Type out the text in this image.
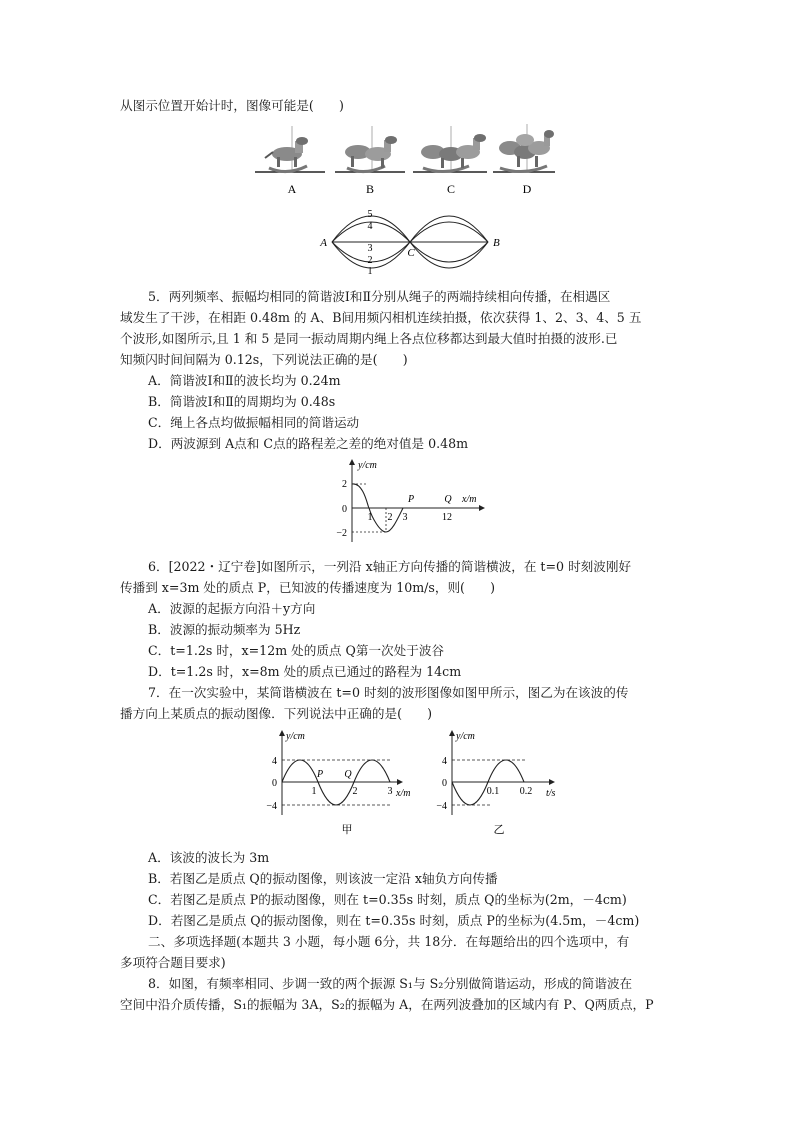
从图示位置开始计时，图像可能是(　　)
A	B	C	D
A
C
B
5
4
3
2
1
5．两列频率、振幅均相同的简谐波Ⅰ和Ⅱ分别从绳子的两端持续相向传播，在相遇区
域发生了干涉，在相距 0.48m 的 A、B间用频闪相机连续拍摄，依次获得 1、2、3、4、5 五
个波形,如图所示,且 1 和 5 是同一振动周期内绳上各点位移都达到最大值时拍摄的波形.已
知频闪时间间隔为 0.12s，下列说法正确的是(　　)
A．简谐波Ⅰ和Ⅱ的波长均为 0.24m
B．简谐波Ⅰ和Ⅱ的周期均为 0.48s
C．绳上各点均做振幅相同的简谐运动
D．两波源到 A点和 C点的路程差之差的绝对值是 0.48m
y/cm
x/m
2
0
−2
1 2 3	12
P	Q
6．[2022・辽宁卷]如图所示，一列沿 x轴正方向传播的简谐横波，在 t=0 时刻波刚好
传播到 x=3m 处的质点 P，已知波的传播速度为 10m/s，则(　　)
A．波源的起振方向沿＋y方向
B．波源的振动频率为 5Hz
C．t=1.2s 时，x=12m 处的质点 Q第一次处于波谷
D．t=1.2s 时，x=8m 处的质点已通过的路程为 14cm
7．在一次实验中，某简谐横波在 t=0 时刻的波形图像如图甲所示，图乙为在该波的传
播方向上某质点的振动图像．下列说法中正确的是(　　)
y/cm
x/m
4
0
−4
1	2	3
P Q
甲
y/cm
t/s
4
0
−4
0.1 0.2
乙
A．该波的波长为 3m
B．若图乙是质点 Q的振动图像，则该波一定沿 x轴负方向传播
C．若图乙是质点 P的振动图像，则在 t=0.35s 时刻，质点 Q的坐标为(2m，－4cm)
D．若图乙是质点 Q的振动图像，则在 t=0.35s 时刻，质点 P的坐标为(4.5m，－4cm)
二、多项选择题(本题共 3 小题，每小题 6分，共 18分．在每题给出的四个选项中，有
多项符合题目要求)
8．如图，有频率相同、步调一致的两个振源 S₁与 S₂分别做简谐运动，形成的简谐波在
空间中沿介质传播，S₁的振幅为 3A，S₂的振幅为 A，在两列波叠加的区域内有 P、Q两质点，P
